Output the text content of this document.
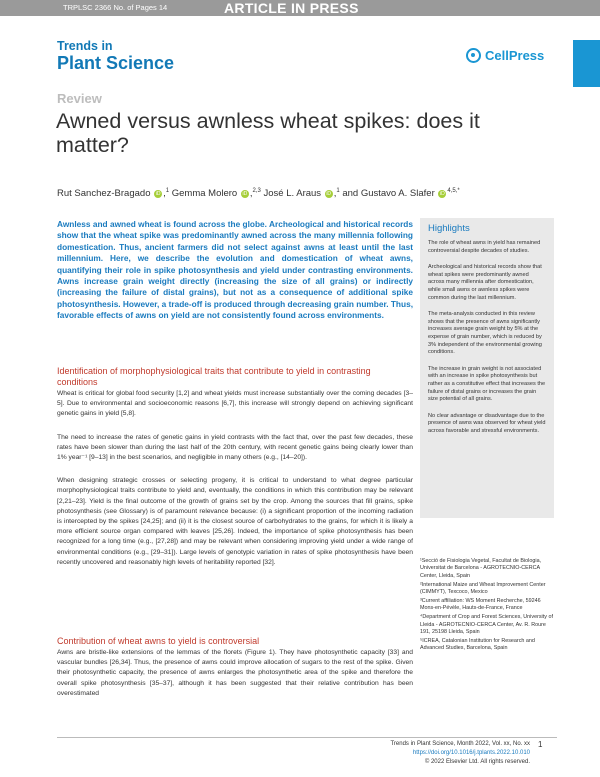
TRPLSC 2366 No. of Pages 14	ARTICLE IN PRESS
Trends in
Plant Science	CellPress
Review
Awned versus awnless wheat spikes: does it matter?
Rut Sanchez-Bragado iD ,$^1$ Gemma Molero iD ,$^{2,3}$ José L. Araus iD ,$^1$ and Gustavo A. Slafer iD $^{4,5,*}$
Awnless and awned wheat is found across the globe. Archeological and historical records show that the wheat spike was predominantly awned across the many millennia following domestication. Thus, ancient farmers did not select against awns at least until the last millennium. Here, we describe the evolution and domestication of wheat awns, quantifying their role in spike photosynthesis and yield under contrasting environments. Awns increase grain weight directly (increasing the size of all grains) or indirectly (increasing the failure of distal grains), but not as a consequence of additional spike photosynthesis. However, a trade-off is produced through decreasing grain number. Thus, favorable effects of awns on yield are not consistently found across environments.
Highlights

The role of wheat awns in yield has remained controversial despite decades of studies.

Archeological and historical records show that wheat spikes were predominantly awned across many millennia after domestication, while small awns or awnless spikes were common during the last millennium.

The meta-analysis conducted in this review shows that the presence of awns significantly increases average grain weight by 5% at the expense of grain number, which is reduced by 3% independent of the environmental growing conditions.

The increase in grain weight is not associated with an increase in spike photosynthesis but rather as a constitutive effect that increases the failure of distal grains or increases the grain size potential of all grains.

No clear advantage or disadvantage due to the presence of awns was observed for wheat yield across favorable and stressful environments.

Identification of morphophysiological traits that contribute to yield in contrasting conditions

Wheat is critical for global food security [1,2] and wheat yields must increase substantially over the coming decades [3–5]. Due to environmental and socioeconomic reasons [6,7], this increase will strongly depend on achieving significant genetic gains in yield [5,8].

The need to increase the rates of genetic gains in yield contrasts with the fact that, over the past few decades, these rates have been slower than during the last half of the 20th century, with recent genetic gains being clearly lower than 1% year⁻¹ [9–13] in the best scenarios, and negligible in many others (e.g., [14–20]).

When designing strategic crosses or selecting progeny, it is critical to understand to what degree particular morphophysiological traits contribute to yield and, eventually, the conditions in which this contribution may be relevant [2,21–23]. Yield is the final outcome of the growth of grains set by the crop. Among the sources that fill grains, spike photosynthesis (see Glossary) is of paramount relevance because: (i) a significant proportion of the incoming radiation is intercepted by the spikes [24,25]; and (ii) it is the closest source of carbohydrates to the grains, for which it is likely a more efficient source organ compared with leaves [25,26]. Indeed, the importance of spike photosynthesis has been recognized for a long time (e.g., [27,28]) and may be relevant when considering improving yield under a wide range of environmental conditions (e.g., [29–31]). Large levels of genotypic variation in rates of spike photosynthesis have been recently uncovered and reasonably high levels of heritability reported [32].

Contribution of wheat awns to yield is controversial

Awns are bristle-like extensions of the lemmas of the florets (Figure 1). They have photosynthetic capacity [33] and vascular bundles [26,34]. Thus, the presence of awns could improve allocation of sugars to the rest of the spike. Given their photosynthetic capacity, the presence of awns enlarges the photosynthetic area of the spike and therefore the overall spike photosynthesis [35–37], although it has been suggested that their relative contribution has been overestimated

¹Secció de Fisiologia Vegetal, Facultat de Biologia, Universitat de Barcelona - AGROTECNIO-CERCA Center, Lleida, Spain

²International Maize and Wheat Improvement Center (CIMMYT), Texcoco, Mexico

³Current affiliation: WS Moment Recherche, 59246 Mons-en-Pévèle, Hauts-de-France, France

⁴Department of Crop and Forest Sciences, University of Lleida - AGROTECNIO-CERCA Center, Av. R. Roure 191, 25198 Lleida, Spain

⁵ICREA, Catalonian Institution for Research and Advanced Studies, Barcelona, Spain

Trends in Plant Science, Month 2022, Vol. xx, No. xx https://doi.org/10.1016/j.tplants.2022.10.010
© 2022 Elsevier Ltd. All rights reserved.
1
